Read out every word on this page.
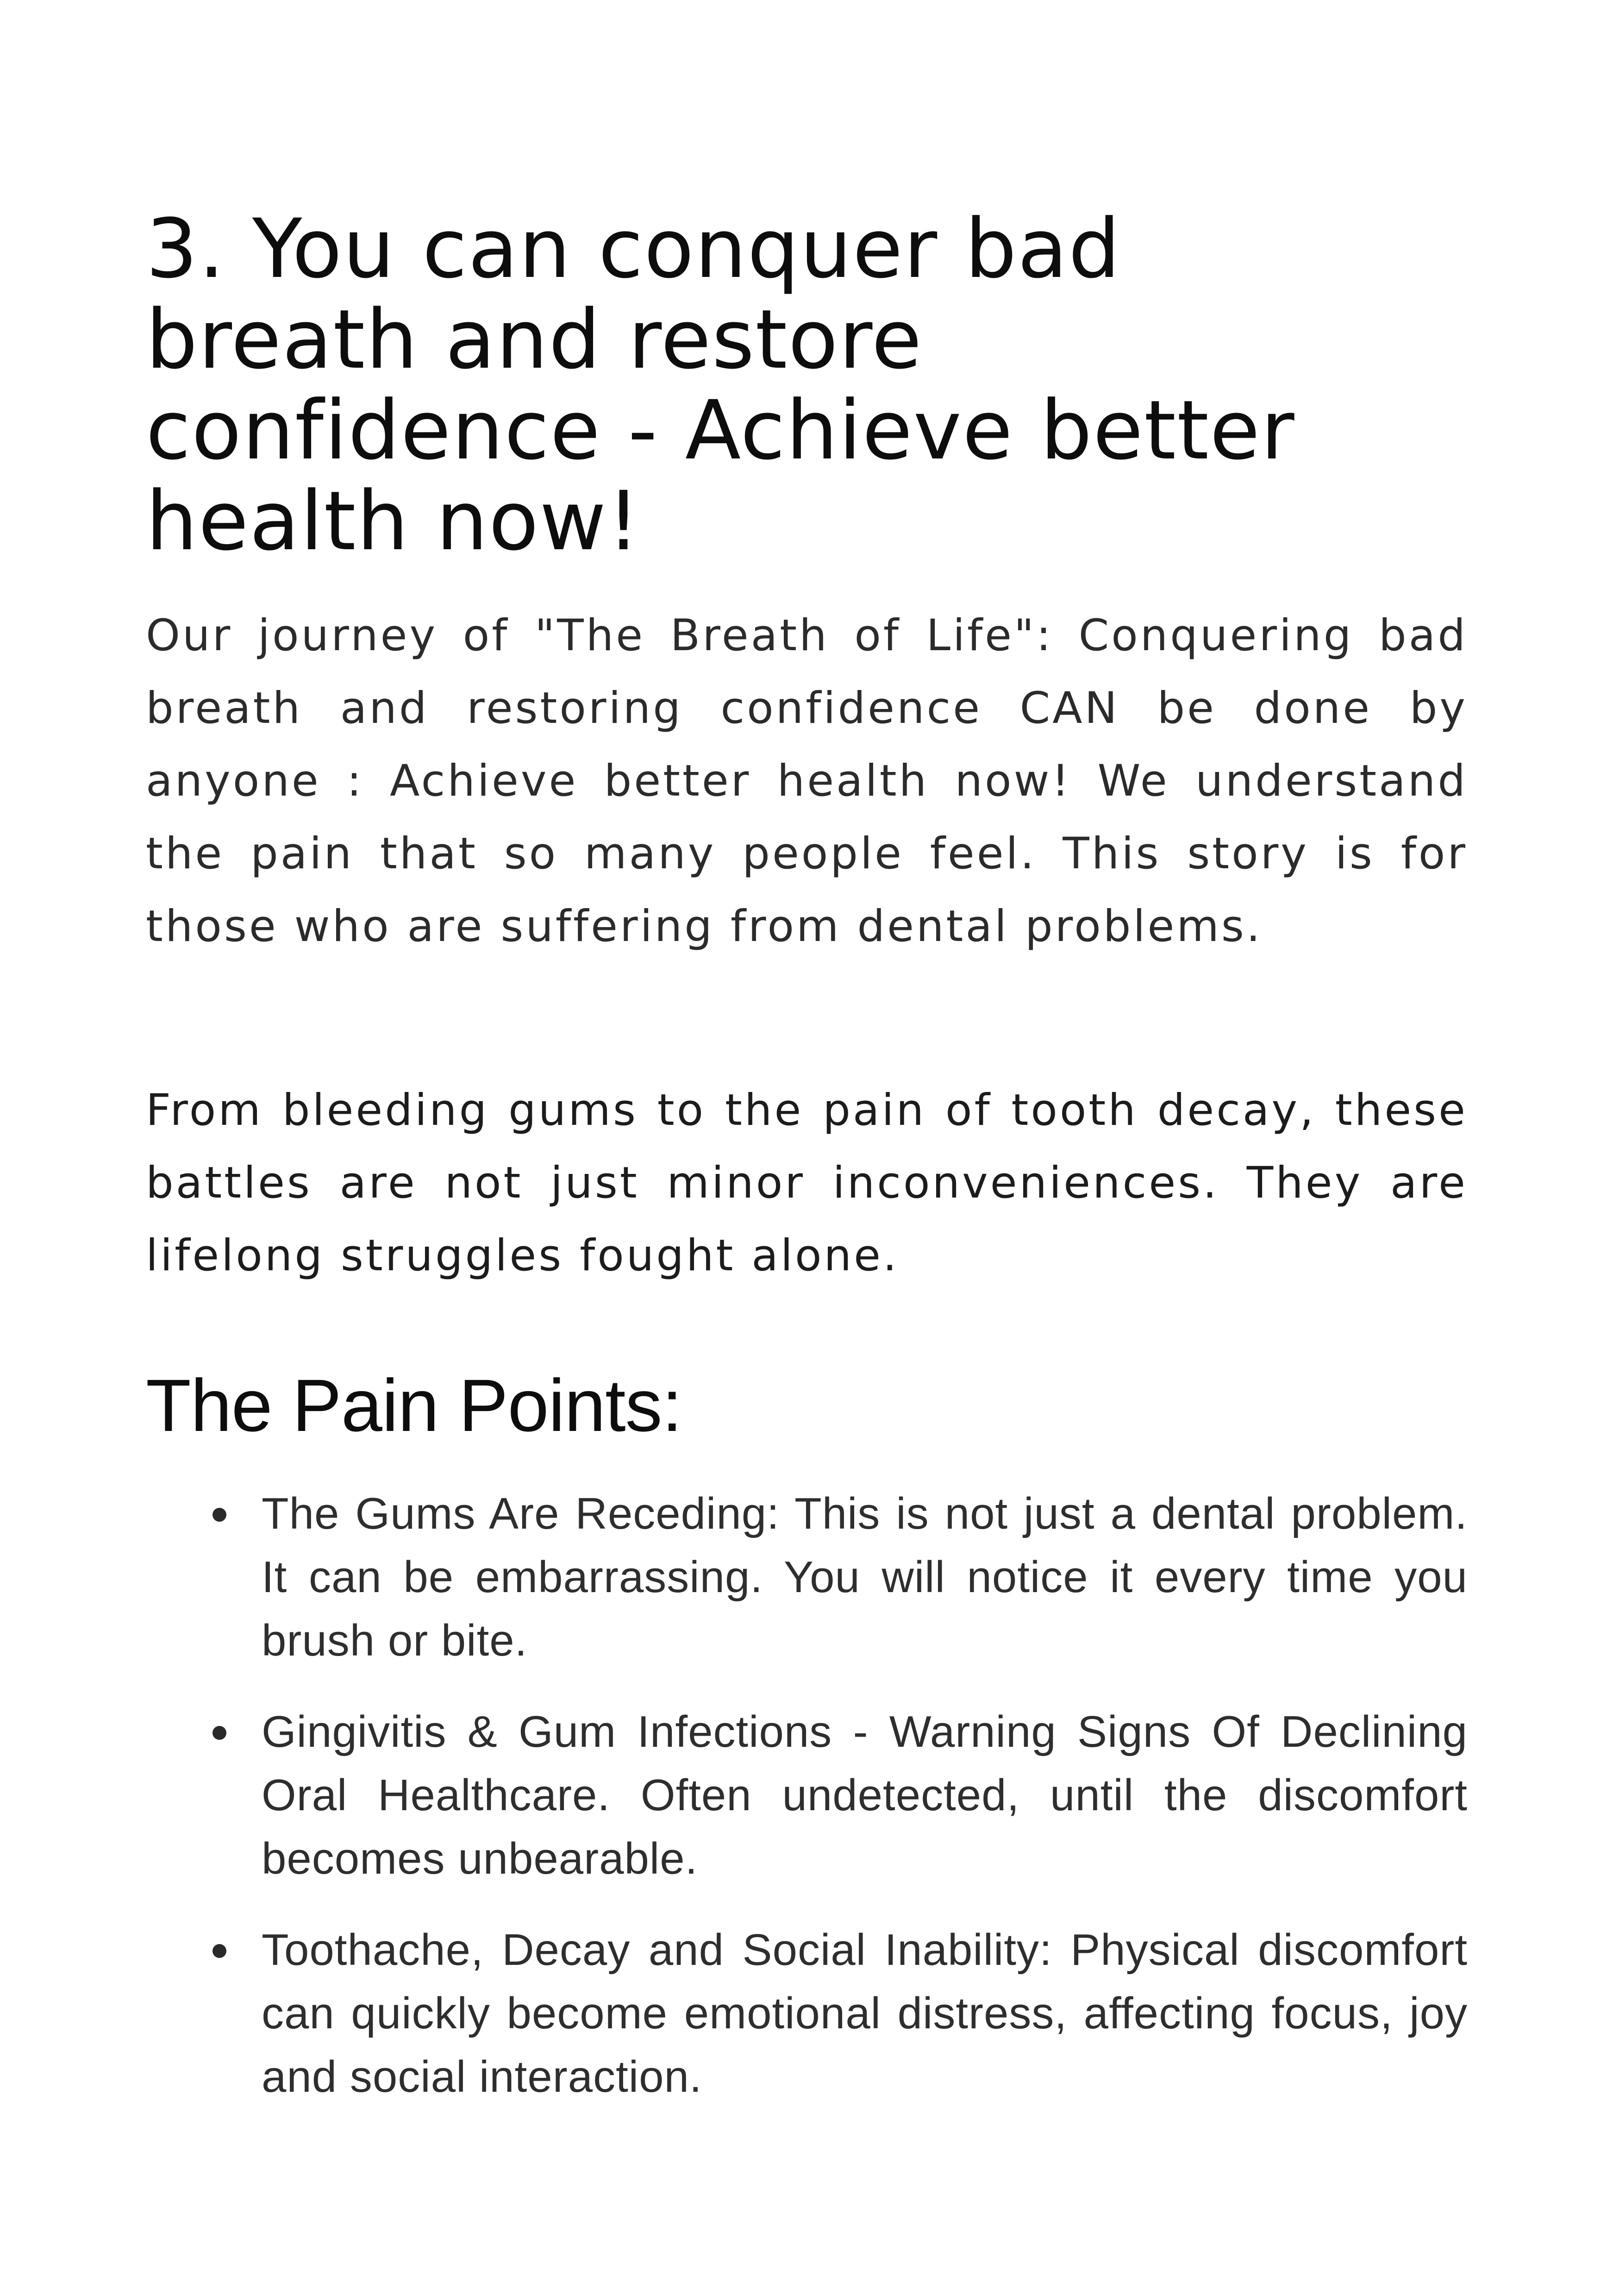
3. You can conquer bad breath and restore confidence - Achieve better health now!

Our journey of "The Breath of Life": Conquering bad breath and restoring confidence CAN be done by anyone : Achieve better health now! We understand the pain that so many people feel. This story is for those who are suffering from dental problems.

From bleeding gums to the pain of tooth decay, these battles are not just minor inconveniences. They are lifelong struggles fought alone.

The Pain Points:
The Gums Are Receding: This is not just a dental problem. It can be embarrassing. You will notice it every time you brush or bite.
Gingivitis & Gum Infections - Warning Signs Of Declining Oral Healthcare. Often undetected, until the discomfort becomes unbearable.
Toothache, Decay and Social Inability: Physical discomfort can quickly become emotional distress, affecting focus, joy and social interaction.
